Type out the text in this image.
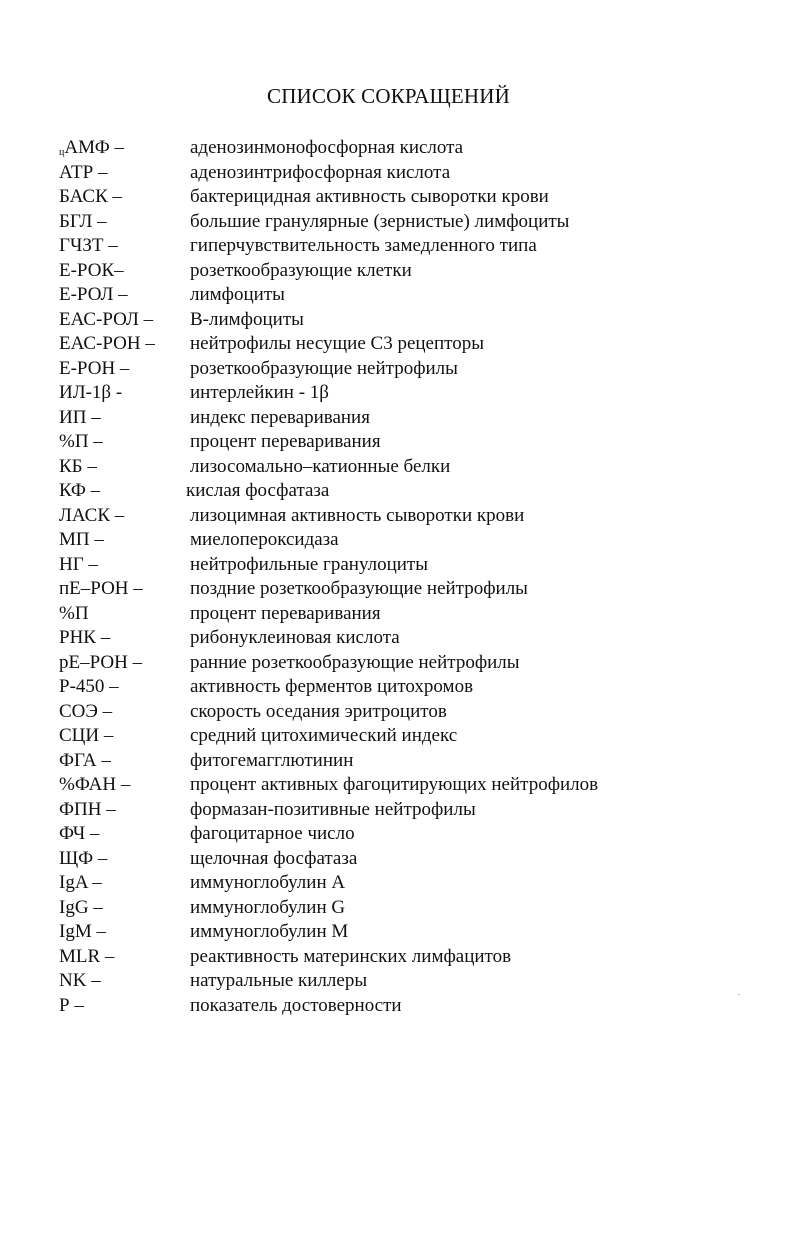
СПИСОК СОКРАЩЕНИЙ
$_ц$АМФ –	аденозинмонофосфорная кислота
АТР –	аденозинтрифосфорная кислота
БАСК –	бактерицидная активность сыворотки крови
БГЛ –	большие гранулярные (зернистые) лимфоциты
ГЧЗТ –	гиперчувствительность замедленного типа
Е-РОК–	розеткообразующие клетки
Е-РОЛ –	лимфоциты
ЕАС-РОЛ – В-лимфоциты
ЕАС-РОН – нейтрофилы несущие С3 рецепторы
Е-РОН –	розеткообразующие нейтрофилы
ИЛ-1β -	интерлейкин - 1β
ИП –	индекс переваривания
%П –	процент переваривания
КБ –	лизосомально–катионные белки
КФ –	кислая фосфатаза
ЛАСК –	лизоцимная активность сыворотки крови
МП –	миелопероксидаза
НГ –	нейтрофильные гранулоциты
пЕ–РОН – поздние розеткообразующие нейтрофилы
%П	процент переваривания
РНК –	рибонуклеиновая кислота
рЕ–РОН –	ранние розеткообразующие нейтрофилы
Р-450 –	активность ферментов цитохромов
СОЭ –	скорость оседания эритроцитов
СЦИ –	средний цитохимический индекс
ФГА –	фитогемагглютинин
%ФАН –	процент активных фагоцитирующих нейтрофилов
ФПН –	формазан-позитивные нейтрофилы
ФЧ –	фагоцитарное число
ЩФ –	щелочная фосфатаза
IgA –	иммуноглобулин А
IgG –	иммуноглобулин G
IgM –	иммуноглобулин М
MLR –	реактивность материнских лимфацитов
NK –	натуральные киллеры
Р –	показатель достоверности
